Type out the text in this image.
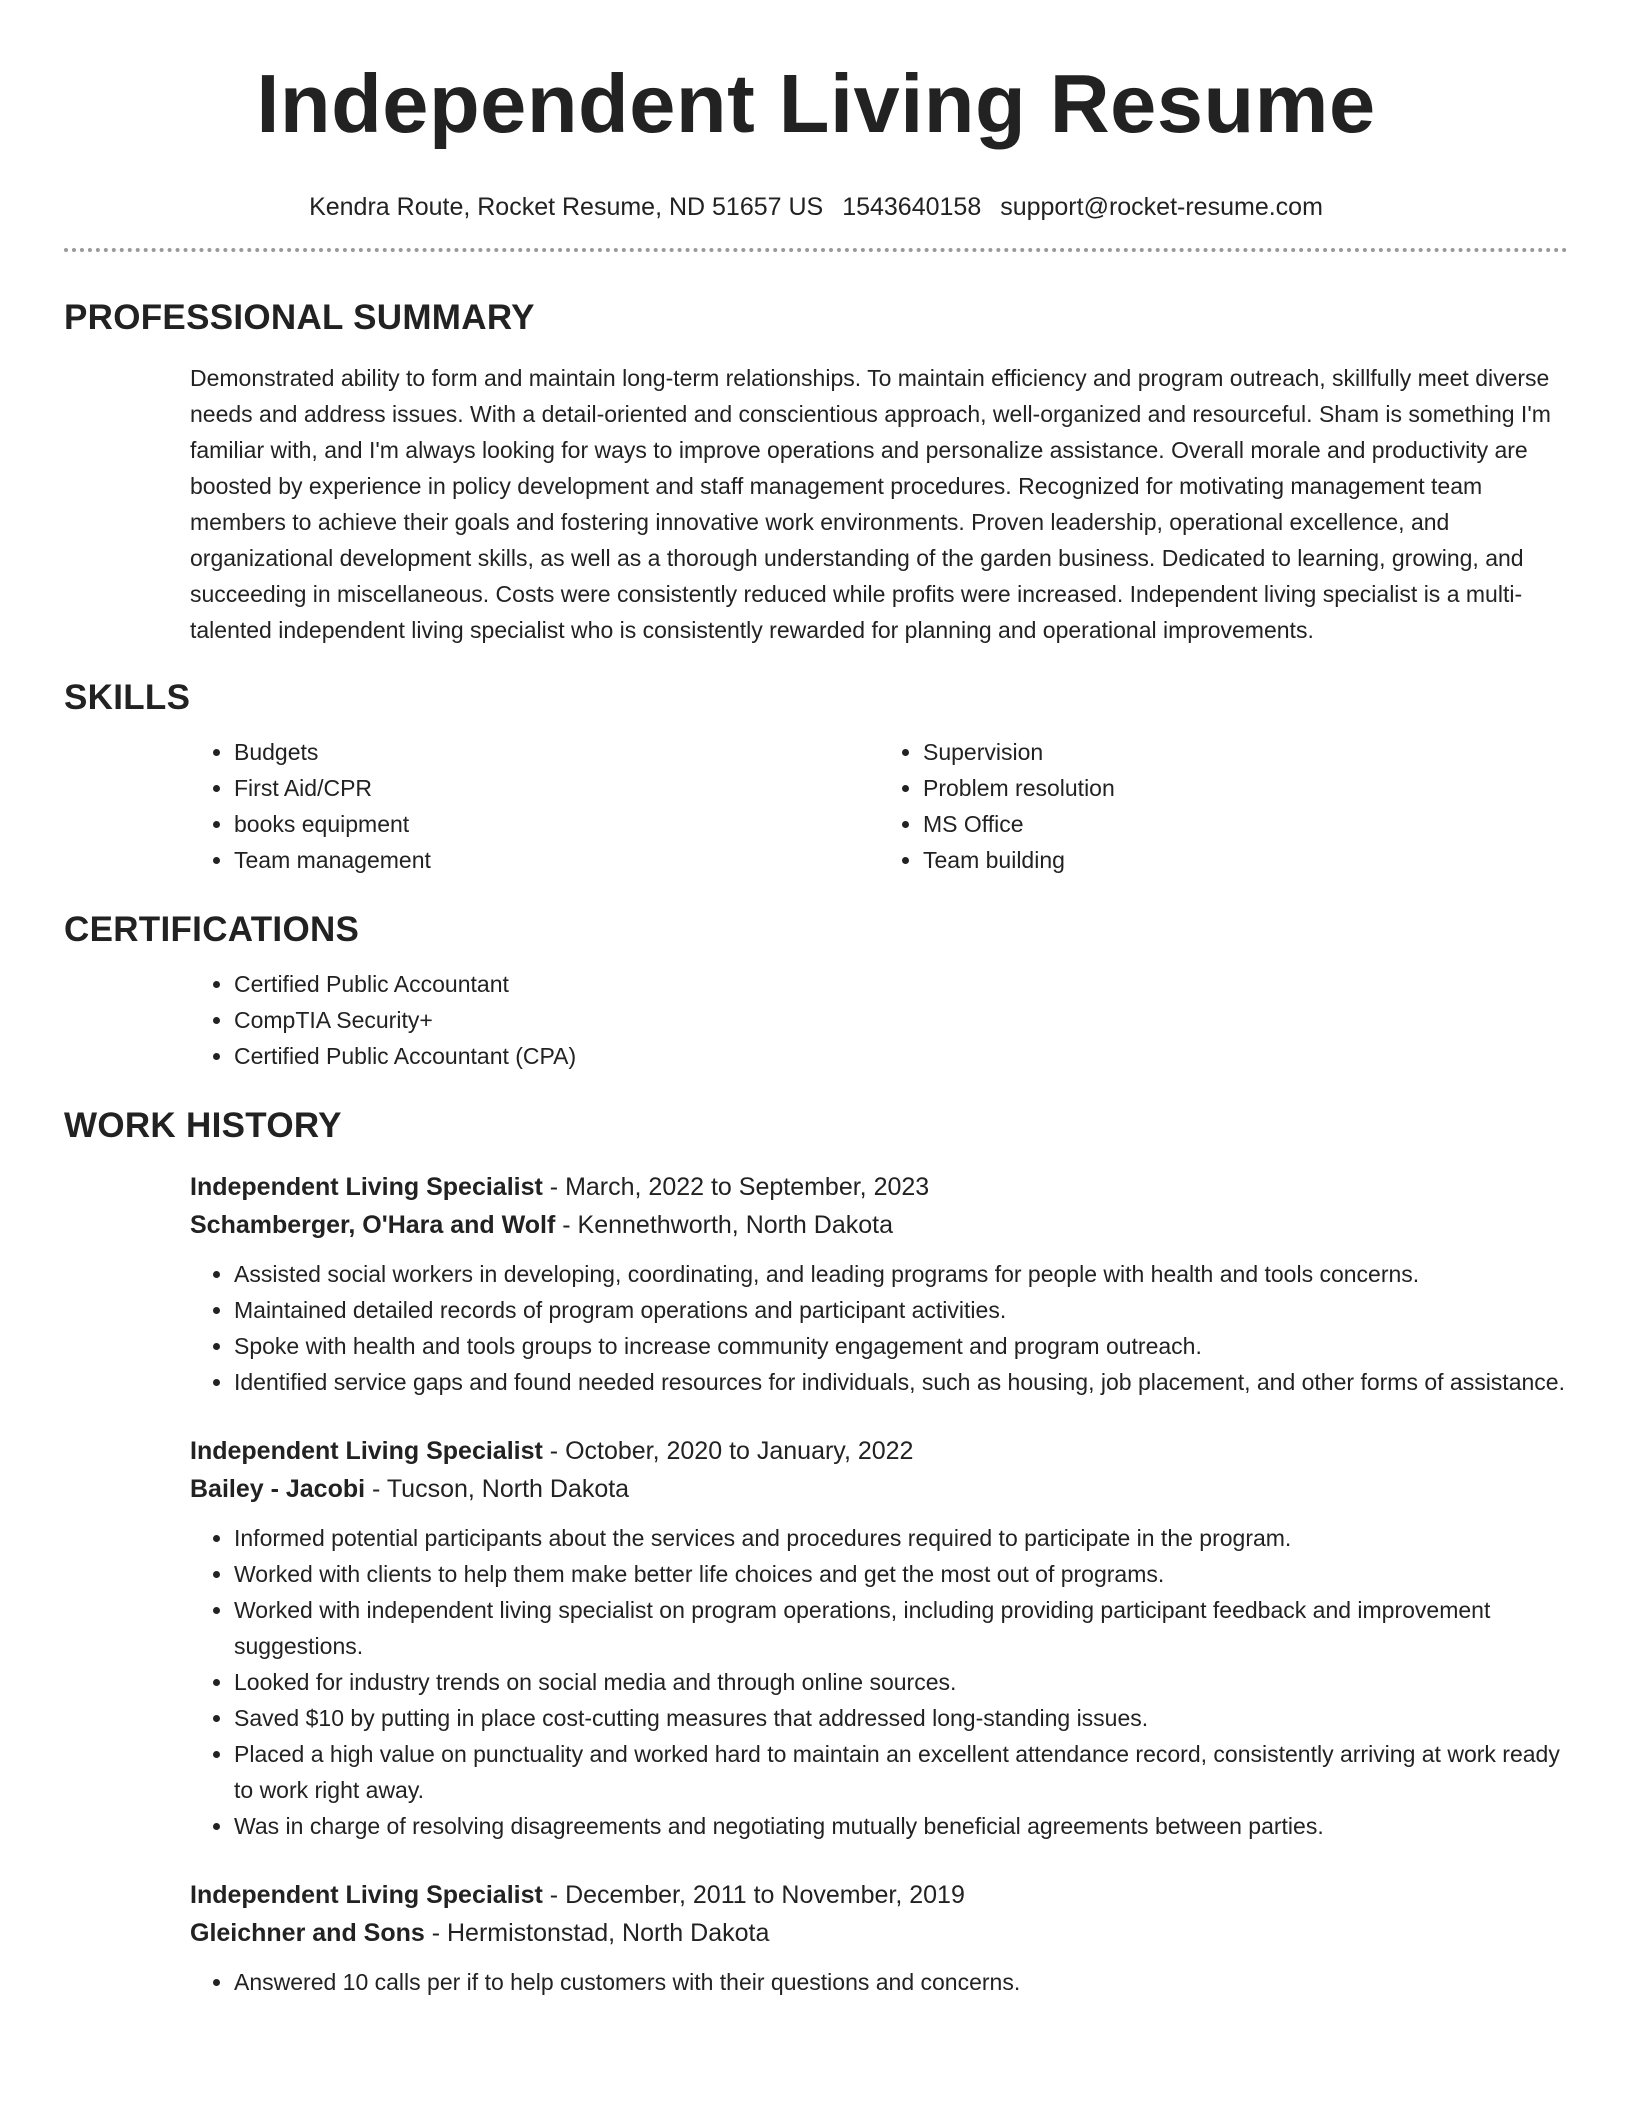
Independent Living Resume
Kendra Route, Rocket Resume, ND 51657 US 1543640158 support@rocket-resume.com
PROFESSIONAL SUMMARY

Demonstrated ability to form and maintain long-term relationships. To maintain efficiency and program outreach, skillfully meet diverse needs and address issues. With a detail-oriented and conscientious approach, well-organized and resourceful. Sham is something I'm familiar with, and I'm always looking for ways to improve operations and personalize assistance. Overall morale and productivity are boosted by experience in policy development and staff management procedures. Recognized for motivating management team members to achieve their goals and fostering innovative work environments. Proven leadership, operational excellence, and organizational development skills, as well as a thorough understanding of the garden business. Dedicated to learning, growing, and succeeding in miscellaneous. Costs were consistently reduced while profits were increased. Independent living specialist is a multi-talented independent living specialist who is consistently rewarded for planning and operational improvements.

SKILLS
• Budgets
• First Aid/CPR
• books equipment
• Team management
• Supervision
• Problem resolution
• MS Office
• Team building
CERTIFICATIONS
• Certified Public Accountant
• CompTIA Security+
• Certified Public Accountant (CPA)
WORK HISTORY
Independent Living Specialist - March, 2022 to September, 2023
Schamberger, O'Hara and Wolf - Kennethworth, North Dakota
• Assisted social workers in developing, coordinating, and leading programs for people with health and tools concerns.
• Maintained detailed records of program operations and participant activities.
• Spoke with health and tools groups to increase community engagement and program outreach.
• Identified service gaps and found needed resources for individuals, such as housing, job placement, and other forms of assistance.
Independent Living Specialist - October, 2020 to January, 2022
Bailey - Jacobi - Tucson, North Dakota
• Informed potential participants about the services and procedures required to participate in the program.
• Worked with clients to help them make better life choices and get the most out of programs.
• Worked with independent living specialist on program operations, including providing participant feedback and improvement suggestions.
• Looked for industry trends on social media and through online sources.
• Saved $10 by putting in place cost-cutting measures that addressed long-standing issues.
• Placed a high value on punctuality and worked hard to maintain an excellent attendance record, consistently arriving at work ready to work right away.
• Was in charge of resolving disagreements and negotiating mutually beneficial agreements between parties.
Independent Living Specialist - December, 2011 to November, 2019
Gleichner and Sons - Hermistonstad, North Dakota
• Answered 10 calls per if to help customers with their questions and concerns.
